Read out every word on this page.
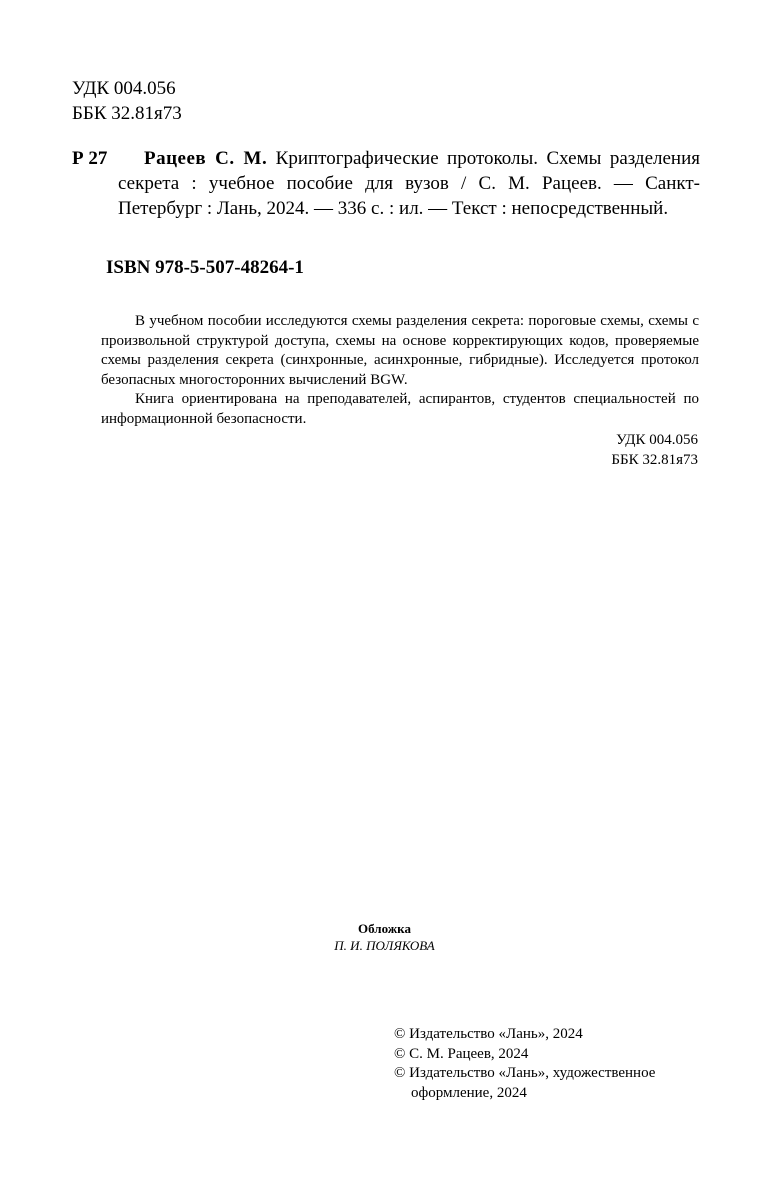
УДК 004.056
ББК 32.81я73
Р 27	Рацеев С. М. Криптографические протоколы. Схемы разделения секрета : учебное пособие для вузов / С. М. Рацеев. — Санкт-Петербург : Лань, 2024. — 336 с. : ил. — Текст : непосредственный.
ISBN 978-5-507-48264-1

В учебном пособии исследуются схемы разделения секрета: пороговые схемы, схемы с произвольной структурой доступа, схемы на основе корректирующих кодов, проверяемые схемы разделения секрета (синхронные, асинхронные, гибридные). Исследуется протокол безопасных многосторонних вычислений BGW.

Книга ориентирована на преподавателей, аспирантов, студентов специальностей по информационной безопасности.

УДК 004.056
ББК 32.81я73
Обложка
П. И. ПОЛЯКОВА
© Издательство «Лань», 2024
© С. М. Рацеев, 2024
© Издательство «Лань», художественное
оформление, 2024
